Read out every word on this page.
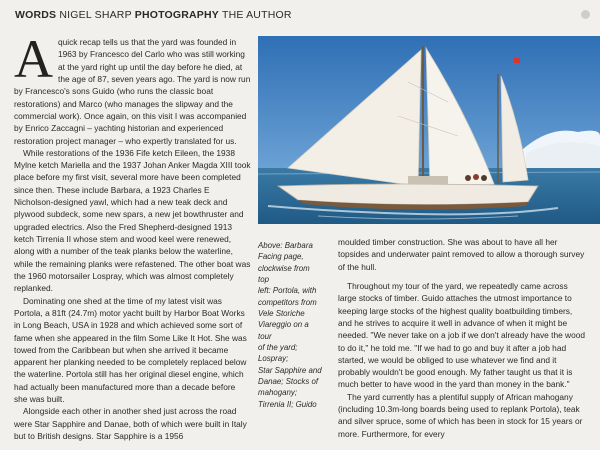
WORDS NIGEL SHARP PHOTOGRAPHY THE AUTHOR
A quick recap tells us that the yard was founded in 1963 by Francesco del Carlo who was still working at the yard right up until the day before he died, at the age of 87, seven years ago. The yard is now run by Francesco's sons Guido (who runs the classic boat restorations) and Marco (who manages the slipway and the commercial work). Once again, on this visit I was accompanied by Enrico Zaccagni – yachting historian and experienced restoration project manager – who expertly translated for us.

While restorations of the 1936 Fife ketch Eileen, the 1938 Mylne ketch Mariella and the 1937 Johan Anker Magda XIII took place before my first visit, several more have been completed since then. These include Barbara, a 1923 Charles E Nicholson-designed yawl, which had a new teak deck and plywood subdeck, some new spars, a new jet bowthruster and upgraded electrics. Also the Fred Shepherd-designed 1913 ketch Tirrenia II whose stem and wood keel were renewed, along with a number of the teak planks below the waterline, while the remaining planks were refastened. The other boat was the 1960 motorsailer Lospray, which was almost completely replanked.

Dominating one shed at the time of my latest visit was Portola, a 81ft (24.7m) motor yacht built by Harbor Boat Works in Long Beach, USA in 1928 and which achieved some sort of fame when she appeared in the film Some Like It Hot. She was towed from the Caribbean but when she arrived it became apparent her planking needed to be completely replaced below the waterline. Portola still has her original diesel engine, which had actually been manufactured more than a decade before she was built.

Alongside each other in another shed just across the road were Star Sapphire and Danae, both of which were built in Italy but to British designs. Star Sapphire is a 1956

Above: Barbara

Facing page,

clockwise from top

left: Portola, with

competitors from

Vele Storiche

Viareggio on a tour

of the yard;

Lospray;

Star Sapphire and

Danae; Stocks of

mahogany;

Tirrenia II; Guido

moulded timber construction. She was about to have all her topsides and underwater paint removed to allow a thorough survey of the hull.

Throughout my tour of the yard, we repeatedly came across large stocks of timber. Guido attaches the utmost importance to keeping large stocks of the highest quality boatbuilding timbers, and he strives to acquire it well in advance of when it might be needed. "We never take on a job if we don't already have the wood to do it," he told me. "If we had to go and buy it after a job had started, we would be obliged to use whatever we find and it probably wouldn't be good enough. My father taught us that it is much better to have wood in the yard than money in the bank."

The yard currently has a plentiful supply of African mahogany (including 10.3m-long boards being used to replank Portola), teak and silver spruce, some of which has been in stock for 15 years or more. Furthermore, for every
